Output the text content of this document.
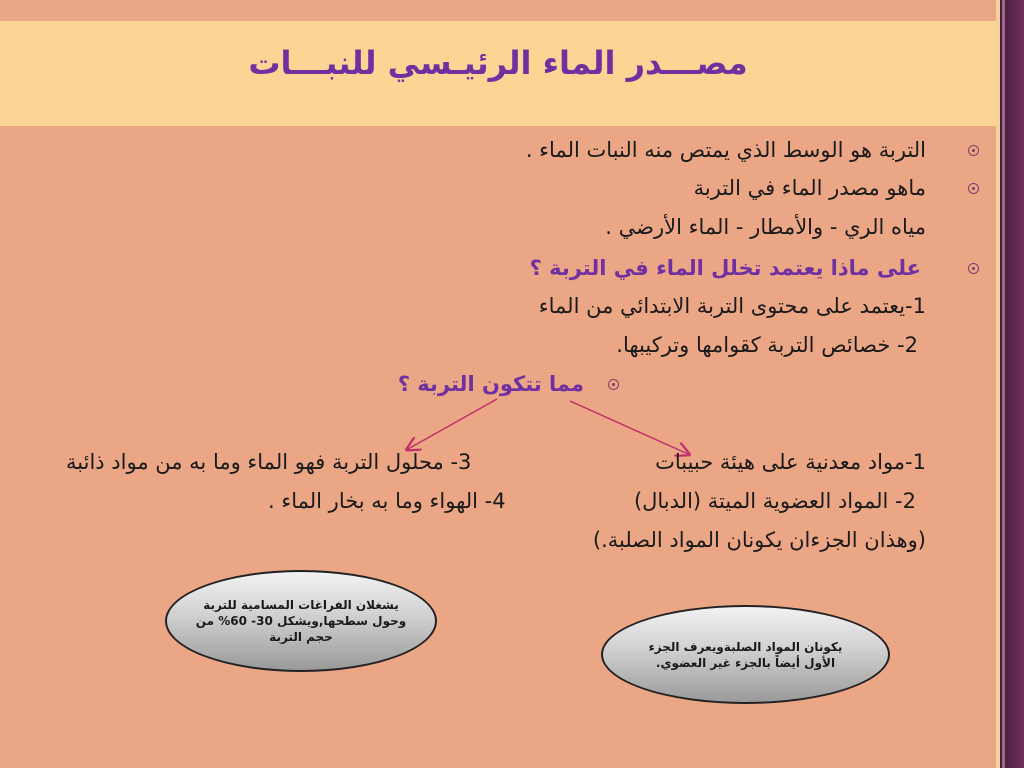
مصـــدر الماء الرئيـسي للنبـــات

التربة هو الوسط الذي يمتص منه النبات الماء .

ماهو مصدر الماء في التربة

مياه الري - والأمطار - الماء الأرضي .

على ماذا يعتمد تخلل الماء في التربة ؟

1-يعتمد على محتوى التربة الابتدائي من الماء

2- خصائص التربة كقوامها وتركيبها.

مما تتكون التربة ؟

1-مواد معدنية على هيئة حبيبات

2- المواد العضوية الميتة (الدبال)

(وهذان الجزءان يكونان المواد الصلبة.)

3- محلول التربة فهو الماء وما به من مواد ذائبة

4- الهواء وما به بخار الماء .

يشغلان الفراغات المسامية للتربة وحول سطحها,ويشكل 30- 60% من حجم التربة
يكونان المواد الصلبةويعرف الجزء الأول أيضاً بالجزء غير العضوي.
